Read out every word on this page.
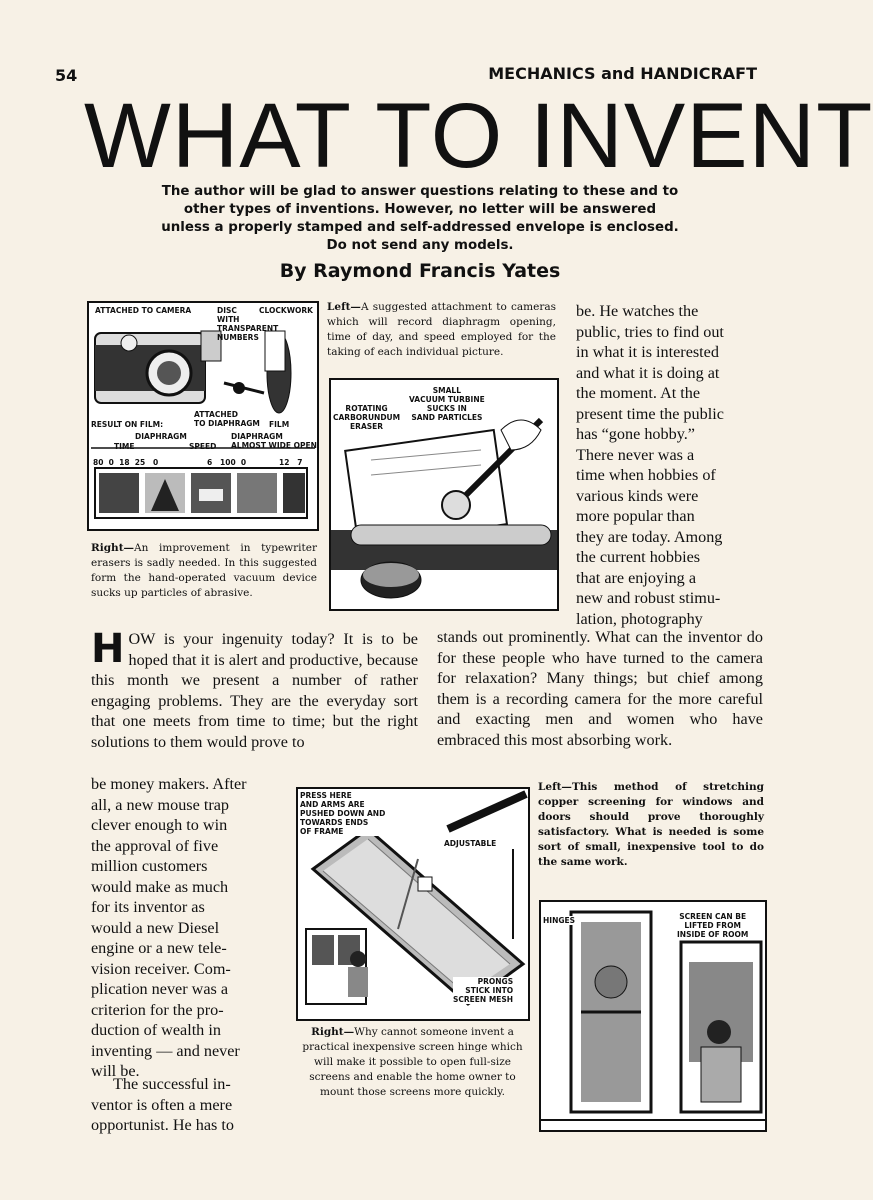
54	MECHANICS and HANDICRAFT
WHAT TO INVENT
The author will be glad to answer questions relating to these and to other types of inventions. However, no letter will be answered unless a properly stamped and self-addressed envelope is enclosed. Do not send any models.
By Raymond Francis Yates
ATTACHED TO CAMERA	DISC
WITH
TRANSPARENT
NUMBERS
CLOCKWORK
ATTACHED
TO DIAPHRAGM
RESULT ON FILM:	FILM
DIAPHRAGM
TIME	SPEED
DIAPHRAGM
ALMOST WIDE OPEN
80  0  18  25   0	6   100  0	12   7
Left—A suggested attachment to cameras which will record diaphragm opening, time of day, and speed employed for the taking of each individual picture.
ROTATING
CARBORUNDUM
ERASER
SMALL
VACUUM TURBINE
SUCKS IN
SAND PARTICLES
Right—An improvement in typewriter erasers is sadly needed. In this suggested form the hand-operated vacuum device sucks up particles of abrasive.
be. He watches the
public, tries to find out
in what it is interested
and what it is doing at
the moment. At the
present time the public
has “gone hobby.”
There never was a
time when hobbies of
various kinds were
more popular than
they are today. Among
the current hobbies
that are enjoying a
new and robust stimu-
lation, photography
HOW is your ingenuity today? It is to be hoped that it is alert and productive, because this month we present a number of rather engaging problems. They are the everyday sort that one meets from time to time; but the right solutions to them would prove to
stands out prominently. What can the inventor do for these people who have turned to the camera for relaxation? Many things; but chief among them is a recording camera for the more careful and exacting men and women who have embraced this most absorbing work.
be money makers. After
all, a new mouse trap
clever enough to win
the approval of five
million customers
would make as much
for its inventor as
would a new Diesel
engine or a new tele-
vision receiver. Com-
plication never was a
criterion for the pro-
duction of wealth in
inventing — and never
will be.
The successful in-
ventor is often a mere
opportunist. He has to
PRESS HERE
AND ARMS ARE
PUSHED DOWN AND
TOWARDS ENDS
OF FRAME
ADJUSTABLE
PRONGS
STICK INTO
SCREEN MESH
Right—Why cannot someone invent a practical inexpensive screen hinge which will make it possible to open full-size screens and enable the home owner to mount those screens more quickly.
Left—This method of stretching copper screening for windows and doors should prove thoroughly satisfactory. What is needed is some sort of small, inexpensive tool to do the same work.
HINGES	SCREEN CAN BE
LIFTED FROM
INSIDE OF ROOM
